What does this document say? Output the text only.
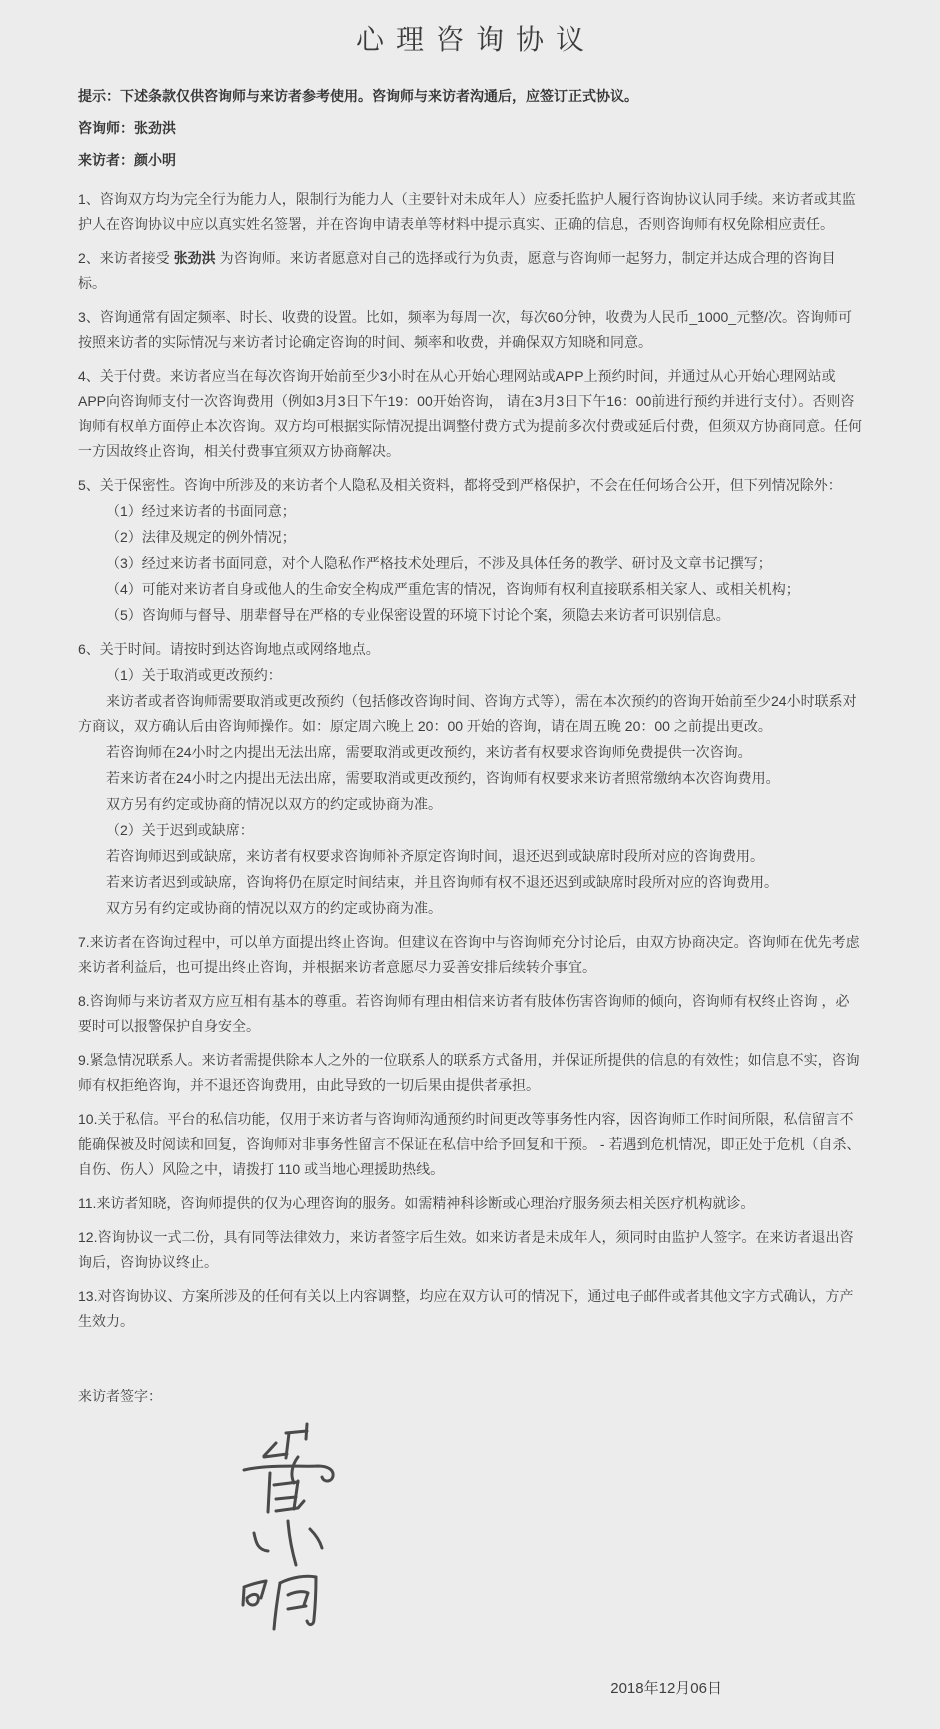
心理咨询协议

提示：下述条款仅供咨询师与来访者参考使用。咨询师与来访者沟通后，应签订正式协议。

咨询师：张劲洪

来访者：颜小明

1、咨询双方均为完全行为能力人，限制行为能力人（主要针对未成年人）应委托监护人履行咨询协议认同手续。来访者或其监护人在咨询协议中应以真实姓名签署，并在咨询申请表单等材料中提示真实、正确的信息，否则咨询师有权免除相应责任。

2、来访者接受 张劲洪 为咨询师。来访者愿意对自己的选择或行为负责，愿意与咨询师一起努力，制定并达成合理的咨询目标。

3、咨询通常有固定频率、时长、收费的设置。比如，频率为每周一次，每次60分钟，收费为人民币_1000_元整/次。咨询师可按照来访者的实际情况与来访者讨论确定咨询的时间、频率和收费，并确保双方知晓和同意。

4、关于付费。来访者应当在每次咨询开始前至少3小时在从心开始心理网站或APP上预约时间，并通过从心开始心理网站或APP向咨询师支付一次咨询费用（例如3月3日下午19：00开始咨询， 请在3月3日下午16：00前进行预约并进行支付）。否则咨询师有权单方面停止本次咨询。双方均可根据实际情况提出调整付费方式为提前多次付费或延后付费，但须双方协商同意。任何一方因故终止咨询，相关付费事宜须双方协商解决。

5、关于保密性。咨询中所涉及的来访者个人隐私及相关资料，都将受到严格保护，不会在任何场合公开，但下列情况除外：

（1）经过来访者的书面同意；

（2）法律及规定的例外情况；

（3）经过来访者书面同意，对个人隐私作严格技术处理后，不涉及具体任务的教学、研讨及文章书记撰写；

（4）可能对来访者自身或他人的生命安全构成严重危害的情况，咨询师有权利直接联系相关家人、或相关机构；

（5）咨询师与督导、朋辈督导在严格的专业保密设置的环境下讨论个案，须隐去来访者可识别信息。

6、关于时间。请按时到达咨询地点或网络地点。

（1）关于取消或更改预约：

来访者或者咨询师需要取消或更改预约（包括修改咨询时间、咨询方式等），需在本次预约的咨询开始前至少24小时联系对方商议，双方确认后由咨询师操作。如：原定周六晚上 20：00 开始的咨询，请在周五晚 20：00 之前提出更改。

若咨询师在24小时之内提出无法出席，需要取消或更改预约，来访者有权要求咨询师免费提供一次咨询。

若来访者在24小时之内提出无法出席，需要取消或更改预约，咨询师有权要求来访者照常缴纳本次咨询费用。

双方另有约定或协商的情况以双方的约定或协商为准。

（2）关于迟到或缺席：

若咨询师迟到或缺席，来访者有权要求咨询师补齐原定咨询时间，退还迟到或缺席时段所对应的咨询费用。

若来访者迟到或缺席，咨询将仍在原定时间结束，并且咨询师有权不退还迟到或缺席时段所对应的咨询费用。

双方另有约定或协商的情况以双方的约定或协商为准。

7.来访者在咨询过程中，可以单方面提出终止咨询。但建议在咨询中与咨询师充分讨论后，由双方协商决定。咨询师在优先考虑来访者利益后，也可提出终止咨询，并根据来访者意愿尽力妥善安排后续转介事宜。

8.咨询师与来访者双方应互相有基本的尊重。若咨询师有理由相信来访者有肢体伤害咨询师的倾向，咨询师有权终止咨询 ，必要时可以报警保护自身安全。

9.紧急情况联系人。来访者需提供除本人之外的一位联系人的联系方式备用，并保证所提供的信息的有效性；如信息不实，咨询师有权拒绝咨询，并不退还咨询费用，由此导致的一切后果由提供者承担。

10.关于私信。平台的私信功能，仅用于来访者与咨询师沟通预约时间更改等事务性内容，因咨询师工作时间所限，私信留言不能确保被及时阅读和回复，咨询师对非事务性留言不保证在私信中给予回复和干预。 - 若遇到危机情况，即正处于危机（自杀、自伤、伤人）风险之中，请拨打 110 或当地心理援助热线。

11.来访者知晓，咨询师提供的仅为心理咨询的服务。如需精神科诊断或心理治疗服务须去相关医疗机构就诊。

12.咨询协议一式二份，具有同等法律效力，来访者签字后生效。如来访者是未成年人，须同时由监护人签字。在来访者退出咨询后，咨询协议终止。

13.对咨询协议、方案所涉及的任何有关以上内容调整，均应在双方认可的情况下，通过电子邮件或者其他文字方式确认，方产生效力。

来访者签字：

2018年12月06日
